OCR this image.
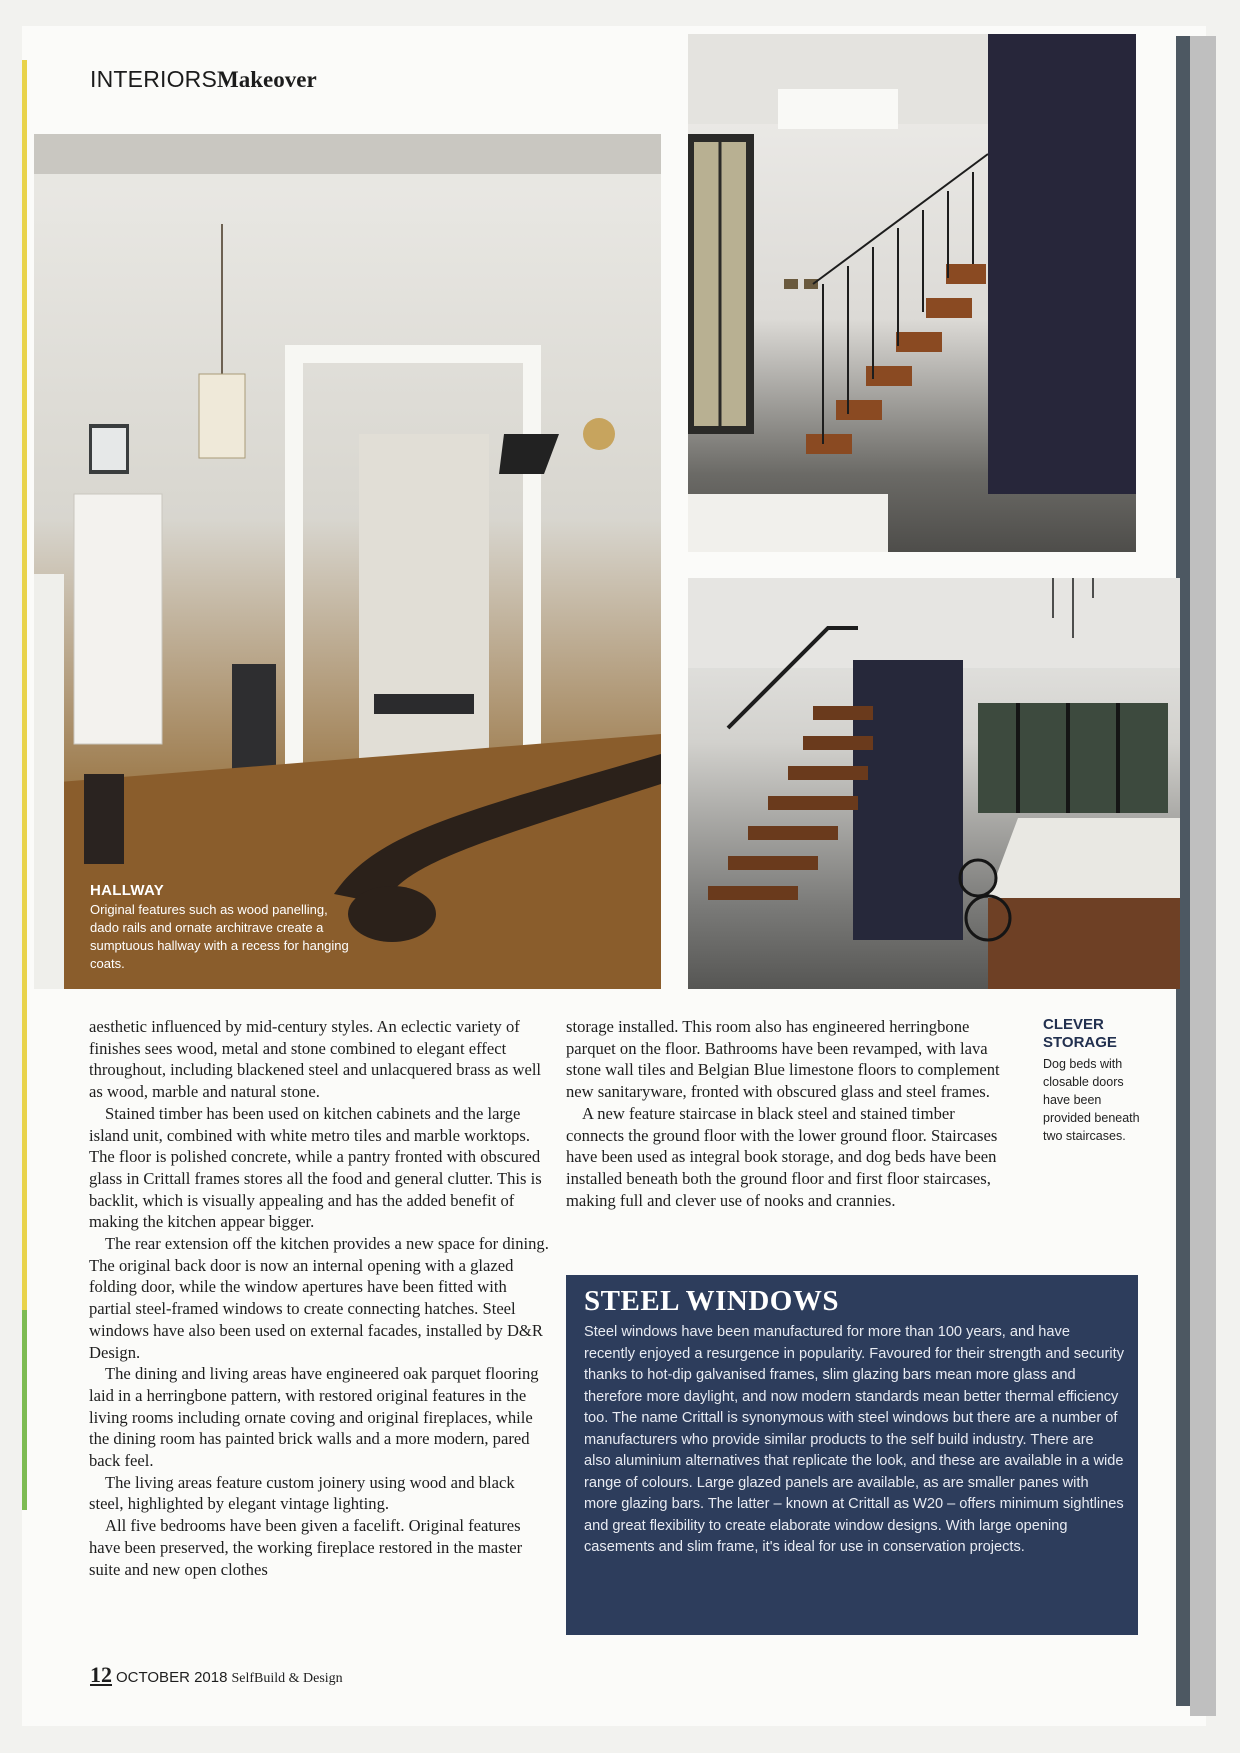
INTERIORSMakeover
HALLWAY
Original features such as wood panelling, dado rails and ornate architrave create a sumptuous hallway with a recess for hanging coats.

aesthetic influenced by mid-century styles. An eclectic variety of finishes sees wood, metal and stone combined to elegant effect throughout, including blackened steel and unlacquered brass as well as wood, marble and natural stone.

Stained timber has been used on kitchen cabinets and the large island unit, combined with white metro tiles and marble worktops. The floor is polished concrete, while a pantry fronted with obscured glass in Crittall frames stores all the food and general clutter. This is backlit, which is visually appealing and has the added benefit of making the kitchen appear bigger.

The rear extension off the kitchen provides a new space for dining. The original back door is now an internal opening with a glazed folding door, while the window apertures have been fitted with partial steel-framed windows to create connecting hatches. Steel windows have also been used on external facades, installed by D&R Design.

The dining and living areas have engineered oak parquet flooring laid in a herringbone pattern, with restored original features in the living rooms including ornate coving and original fireplaces, while the dining room has painted brick walls and a more modern, pared back feel.

The living areas feature custom joinery using wood and black steel, highlighted by elegant vintage lighting.

All five bedrooms have been given a facelift. Original features have been preserved, the working fireplace restored in the master suite and new open clothes

storage installed. This room also has engineered herringbone parquet on the floor. Bathrooms have been revamped, with lava stone wall tiles and Belgian Blue limestone floors to complement new sanitaryware, fronted with obscured glass and steel frames.

A new feature staircase in black steel and stained timber connects the ground floor with the lower ground floor. Staircases have been used as integral book storage, and dog beds have been installed beneath both the ground floor and first floor staircases, making full and clever use of nooks and crannies.

CLEVER STORAGE
Dog beds with closable doors have been provided beneath two staircases.
STEEL WINDOWS
Steel windows have been manufactured for more than 100 years, and have recently enjoyed a resurgence in popularity. Favoured for their strength and security thanks to hot-dip galvanised frames, slim glazing bars mean more glass and therefore more daylight, and now modern standards mean better thermal efficiency too. The name Crittall is synonymous with steel windows but there are a number of manufacturers who provide similar products to the self build industry. There are also aluminium alternatives that replicate the look, and these are available in a wide range of colours. Large glazed panels are available, as are smaller panes with more glazing bars. The latter – known at Crittall as W20 – offers minimum sightlines and great flexibility to create elaborate window designs. With large opening casements and slim frame, it's ideal for use in conservation projects.
12 OCTOBER 2018 SelfBuild & Design
